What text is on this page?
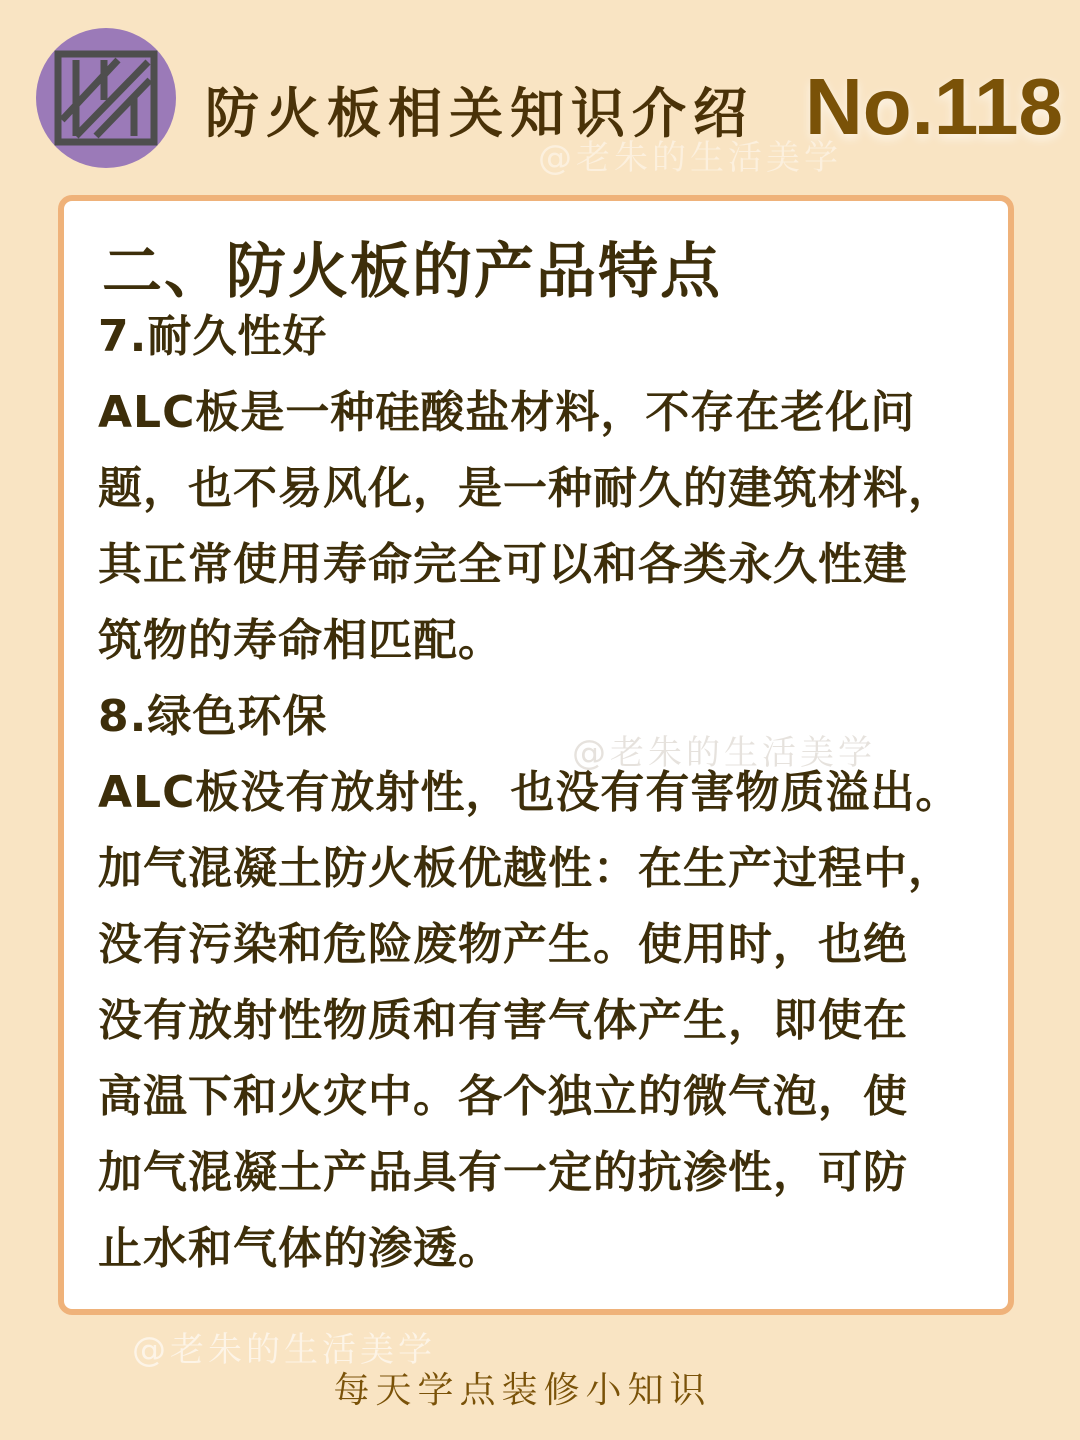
防火板相关知识介绍 No.118
@老朱的生活美学
二、防火板的产品特点
7.耐久性好
ALC板是一种硅酸盐材料，不存在老化问
题，也不易风化，是一种耐久的建筑材料，
其正常使用寿命完全可以和各类永久性建
筑物的寿命相匹配。
8.绿色环保
ALC板没有放射性，也没有有害物质溢出。
加气混凝土防火板优越性：在生产过程中，
没有污染和危险废物产生。使用时，也绝
没有放射性物质和有害气体产生，即使在
高温下和火灾中。各个独立的微气泡，使
加气混凝土产品具有一定的抗渗性，可防
止水和气体的渗透。
@老朱的生活美学
@老朱的生活美学
每天学点装修小知识
